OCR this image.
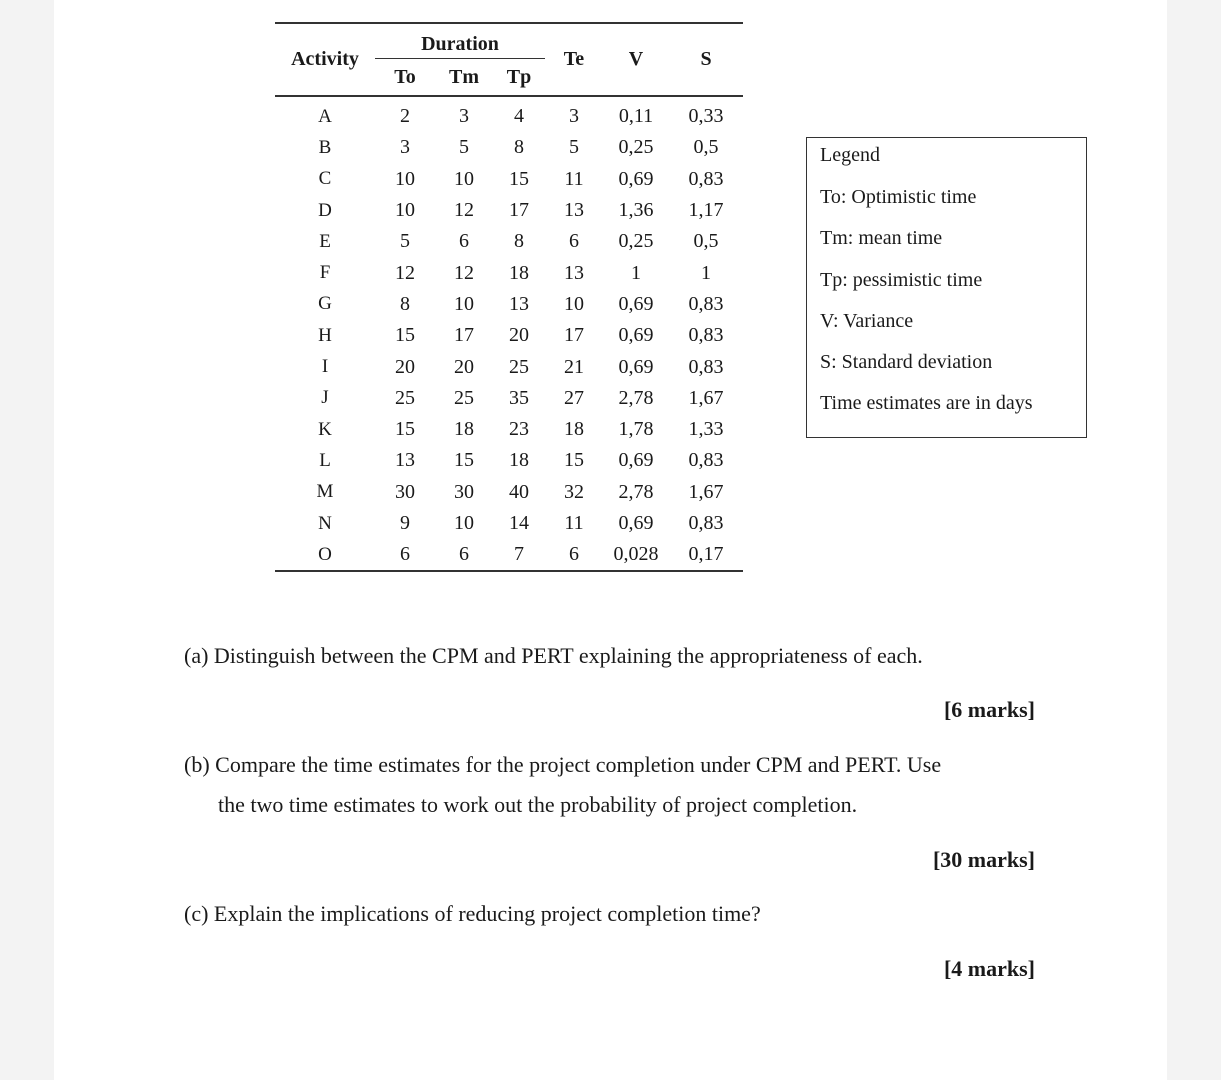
Activity	Duration			Te	V	S
	To	Tm	Tp			
A	2	3	4	3	0,11	0,33
B	3	5	8	5	0,25	0,5
C	10	10	15	11	0,69	0,83
D	10	12	17	13	1,36	1,17
E	5	6	8	6	0,25	0,5
F	12	12	18	13	1	1
G	8	10	13	10	0,69	0,83
H	15	17	20	17	0,69	0,83
I	20	20	25	21	0,69	0,83
J	25	25	35	27	2,78	1,67
K	15	18	23	18	1,78	1,33
L	13	15	18	15	0,69	0,83
M	30	30	40	32	2,78	1,67
N	9	10	14	11	0,69	0,83
O	6	6	7	6	0,028	0,17
Legend
To: Optimistic time
Tm: mean time
Tp: pessimistic time
V: Variance
S: Standard deviation
Time estimates are in days
(a) Distinguish between the CPM and PERT explaining the appropriateness of each.
[6 marks]
(b) Compare the time estimates for the project completion under CPM and PERT. Use
the two time estimates to work out the probability of project completion.
[30 marks]
(c) Explain the implications of reducing project completion time?
[4 marks]
